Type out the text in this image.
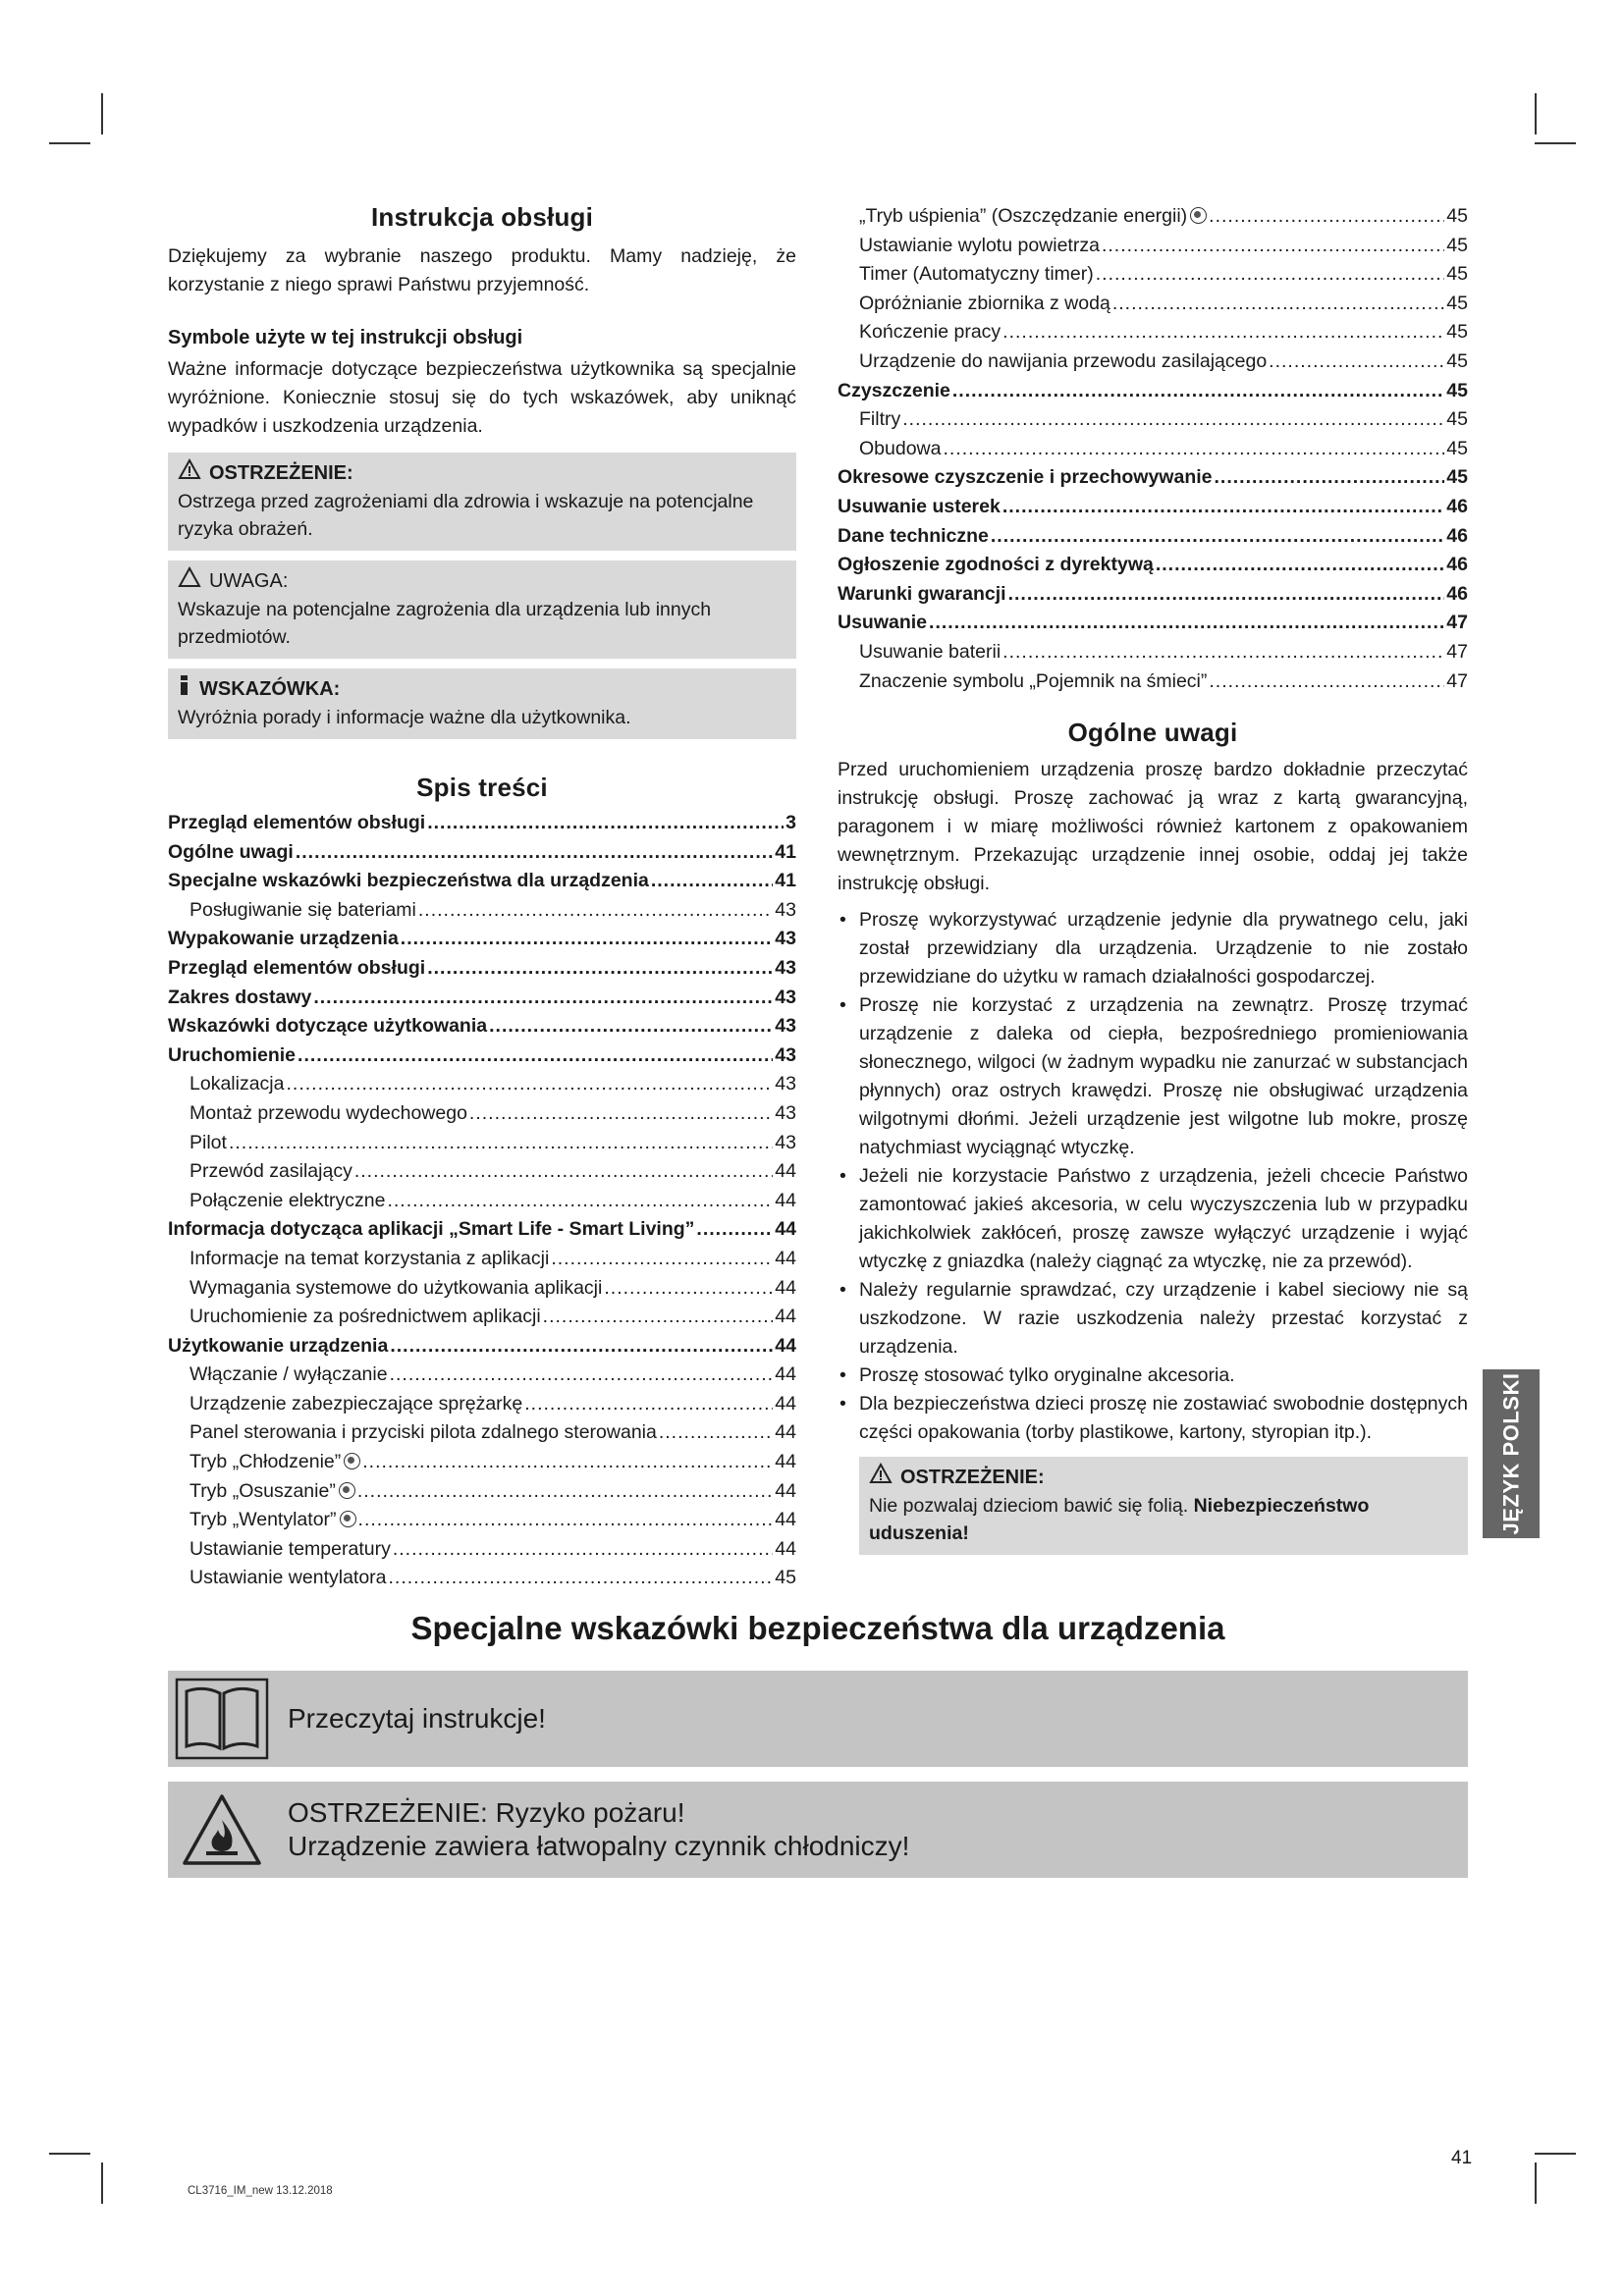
Instrukcja obsługi

Dziękujemy za wybranie naszego produktu. Mamy nadzieję, że korzystanie z niego sprawi Państwu przyjemność.

Symbole użyte w tej instrukcji obsługi

Ważne informacje dotyczące bezpieczeństwa użytkownika są specjalnie wyróżnione. Koniecznie stosuj się do tych wskazówek, aby uniknąć wypadków i uszkodzenia urządzenia.

OSTRZEŻENIE:
Ostrzega przed zagrożeniami dla zdrowia i wskazuje na potencjalne ryzyka obrażeń.
UWAGA:
Wskazuje na potencjalne zagrożenia dla urządzenia lub innych przedmiotów.
WSKAZÓWKA:
Wyróżnia porady i informacje ważne dla użytkownika.
Spis treści
Przegląd elementów obsługi .....	3
Ogólne uwagi .....	41
Specjalne wskazówki bezpieczeństwa dla urządzenia .....	41
Posługiwanie się bateriami .....	43
Wypakowanie urządzenia .....	43
Przegląd elementów obsługi .....	43
Zakres dostawy .....	43
Wskazówki dotyczące użytkowania .....	43
Uruchomienie .....	43
Lokalizacja .....	43
Montaż przewodu wydechowego .....	43
Pilot .....	43
Przewód zasilający .....	44
Połączenie elektryczne .....	44
Informacja dotycząca aplikacji „Smart Life - Smart Living” .....	44
Informacje na temat korzystania z aplikacji .....	44
Wymagania systemowe do użytkowania aplikacji .....	44
Uruchomienie za pośrednictwem aplikacji .....	44
Użytkowanie urządzenia .....	44
Włączanie / wyłączanie .....	44
Urządzenie zabezpieczające sprężarkę .....	44
Panel sterowania i przyciski pilota zdalnego sterowania .....	44
Tryb „Chłodzenie” .....	44
Tryb „Osuszanie” .....	44
Tryb „Wentylator” .....	44
Ustawianie temperatury .....	44
Ustawianie wentylatora .....	45
„Tryb uśpienia” (Oszczędzanie energii) .....	45
Ustawianie wylotu powietrza .....	45
Timer (Automatyczny timer) .....	45
Opróżnianie zbiornika z wodą .....	45
Kończenie pracy .....	45
Urządzenie do nawijania przewodu zasilającego .....	45
Czyszczenie .....	45
Filtry .....	45
Obudowa .....	45
Okresowe czyszczenie i przechowywanie .....	45
Usuwanie usterek .....	46
Dane techniczne .....	46
Ogłoszenie zgodności z dyrektywą .....	46
Warunki gwarancji .....	46
Usuwanie .....	47
Usuwanie baterii .....	47
Znaczenie symbolu „Pojemnik na śmieci” .....	47
Ogólne uwagi

Przed uruchomieniem urządzenia proszę bardzo dokładnie przeczytać instrukcję obsługi. Proszę zachować ją wraz z kartą gwarancyjną, paragonem i w miarę możliwości również kartonem z opakowaniem wewnętrznym. Przekazując urządzenie innej osobie, oddaj jej także instrukcję obsługi.

• Proszę wykorzystywać urządzenie jedynie dla prywatnego celu, jaki został przewidziany dla urządzenia. Urządzenie to nie zostało przewidziane do użytku w ramach działalności gospodarczej.
• Proszę nie korzystać z urządzenia na zewnątrz. Proszę trzymać urządzenie z daleka od ciepła, bezpośredniego promieniowania słonecznego, wilgoci (w żadnym wypadku nie zanurzać w substancjach płynnych) oraz ostrych krawędzi. Proszę nie obsługiwać urządzenia wilgotnymi dłońmi. Jeżeli urządzenie jest wilgotne lub mokre, proszę natychmiast wyciągnąć wtyczkę.
• Jeżeli nie korzystacie Państwo z urządzenia, jeżeli chcecie Państwo zamontować jakieś akcesoria, w celu wyczyszczenia lub w przypadku jakichkolwiek zakłóceń, proszę zawsze wyłączyć urządzenie i wyjąć wtyczkę z gniazdka (należy ciągnąć za wtyczkę, nie za przewód).
• Należy regularnie sprawdzać, czy urządzenie i kabel sieciowy nie są uszkodzone. W razie uszkodzenia należy przestać korzystać z urządzenia.
• Proszę stosować tylko oryginalne akcesoria.
• Dla bezpieczeństwa dzieci proszę nie zostawiać swobodnie dostępnych części opakowania (torby plastikowe, kartony, styropian itp.).
OSTRZEŻENIE:
Nie pozwalaj dzieciom bawić się folią. Niebezpieczeństwo uduszenia!	JĘZYK POLSKI
Specjalne wskazówki bezpieczeństwa dla urządzenia
Przeczytaj instrukcje!
OSTRZEŻENIE: Ryzyko pożaru!
Urządzenie zawiera łatwopalny czynnik chłodniczy!
41
CL3716_IM_new 13.12.2018
